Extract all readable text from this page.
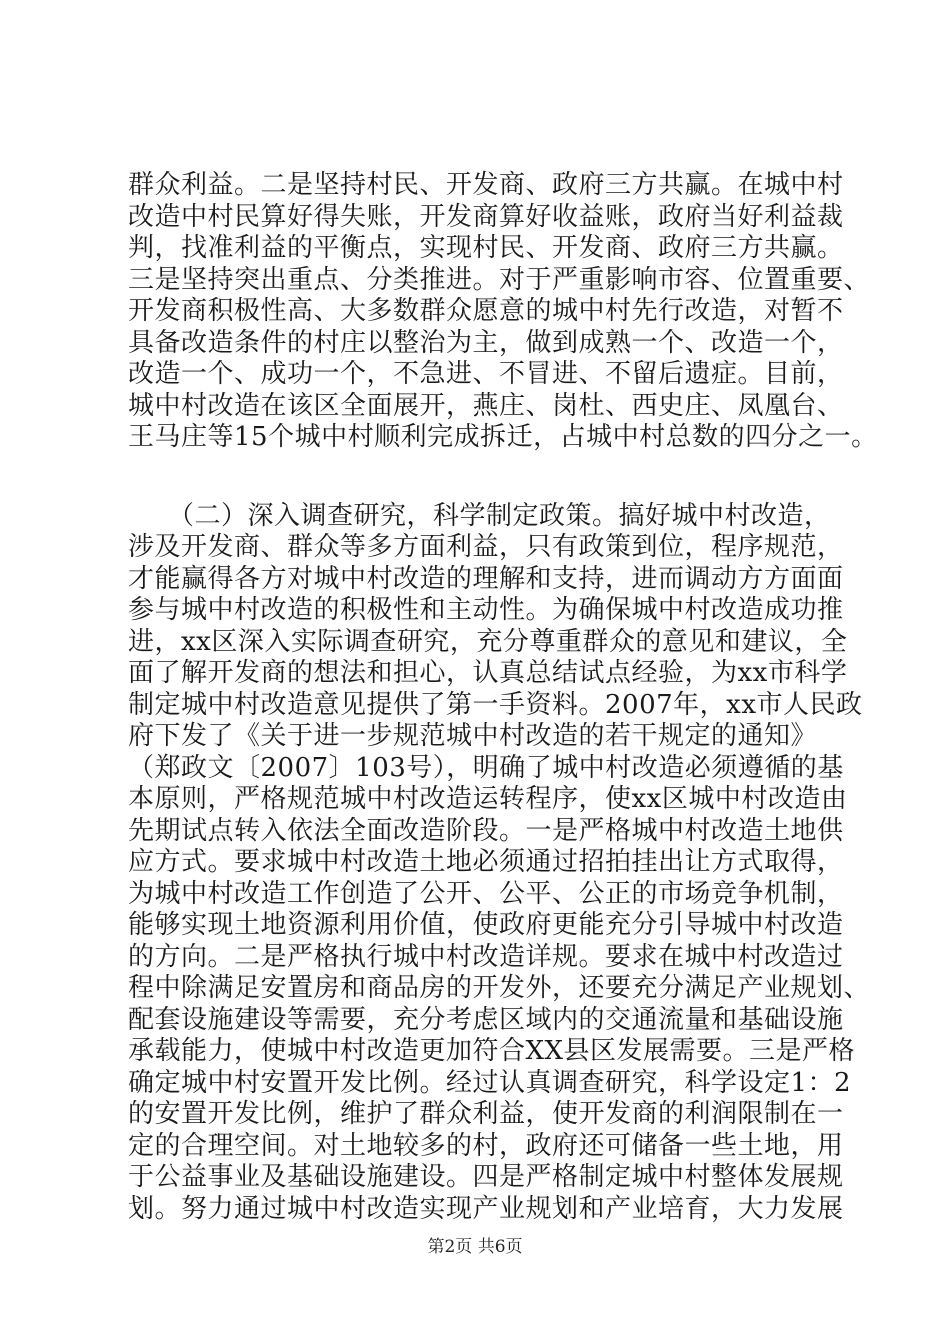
群众利益。二是坚持村民、开发商、政府三方共赢。在城中村
改造中村民算好得失账，开发商算好收益账，政府当好利益裁
判，找准利益的平衡点，实现村民、开发商、政府三方共赢。
三是坚持突出重点、分类推进。对于严重影响市容、位置重要、
开发商积极性高、大多数群众愿意的城中村先行改造，对暂不
具备改造条件的村庄以整治为主，做到成熟一个、改造一个，
改造一个、成功一个，不急进、不冒进、不留后遗症。目前，
城中村改造在该区全面展开，燕庄、岗杜、西史庄、凤凰台、
王马庄等15个城中村顺利完成拆迁，占城中村总数的四分之一。
　　（二）深入调查研究，科学制定政策。搞好城中村改造，
涉及开发商、群众等多方面利益，只有政策到位，程序规范，
才能赢得各方对城中村改造的理解和支持，进而调动方方面面
参与城中村改造的积极性和主动性。为确保城中村改造成功推
进，xx区深入实际调查研究，充分尊重群众的意见和建议，全
面了解开发商的想法和担心，认真总结试点经验，为xx市科学
制定城中村改造意见提供了第一手资料。2007年，xx市人民政
府下发了《关于进一步规范城中村改造的若干规定的通知》
（郑政文〔2007〕103号），明确了城中村改造必须遵循的基
本原则，严格规范城中村改造运转程序，使xx区城中村改造由
先期试点转入依法全面改造阶段。一是严格城中村改造土地供
应方式。要求城中村改造土地必须通过招拍挂出让方式取得，
为城中村改造工作创造了公开、公平、公正的市场竞争机制，
能够实现土地资源利用价值，使政府更能充分引导城中村改造
的方向。二是严格执行城中村改造详规。要求在城中村改造过
程中除满足安置房和商品房的开发外，还要充分满足产业规划、
配套设施建设等需要，充分考虑区域内的交通流量和基础设施
承载能力，使城中村改造更加符合XX县区发展需要。三是严格
确定城中村安置开发比例。经过认真调查研究，科学设定1：2
的安置开发比例，维护了群众利益，使开发商的利润限制在一
定的合理空间。对土地较多的村，政府还可储备一些土地，用
于公益事业及基础设施建设。四是严格制定城中村整体发展规
划。努力通过城中村改造实现产业规划和产业培育，大力发展
第2页 共6页
